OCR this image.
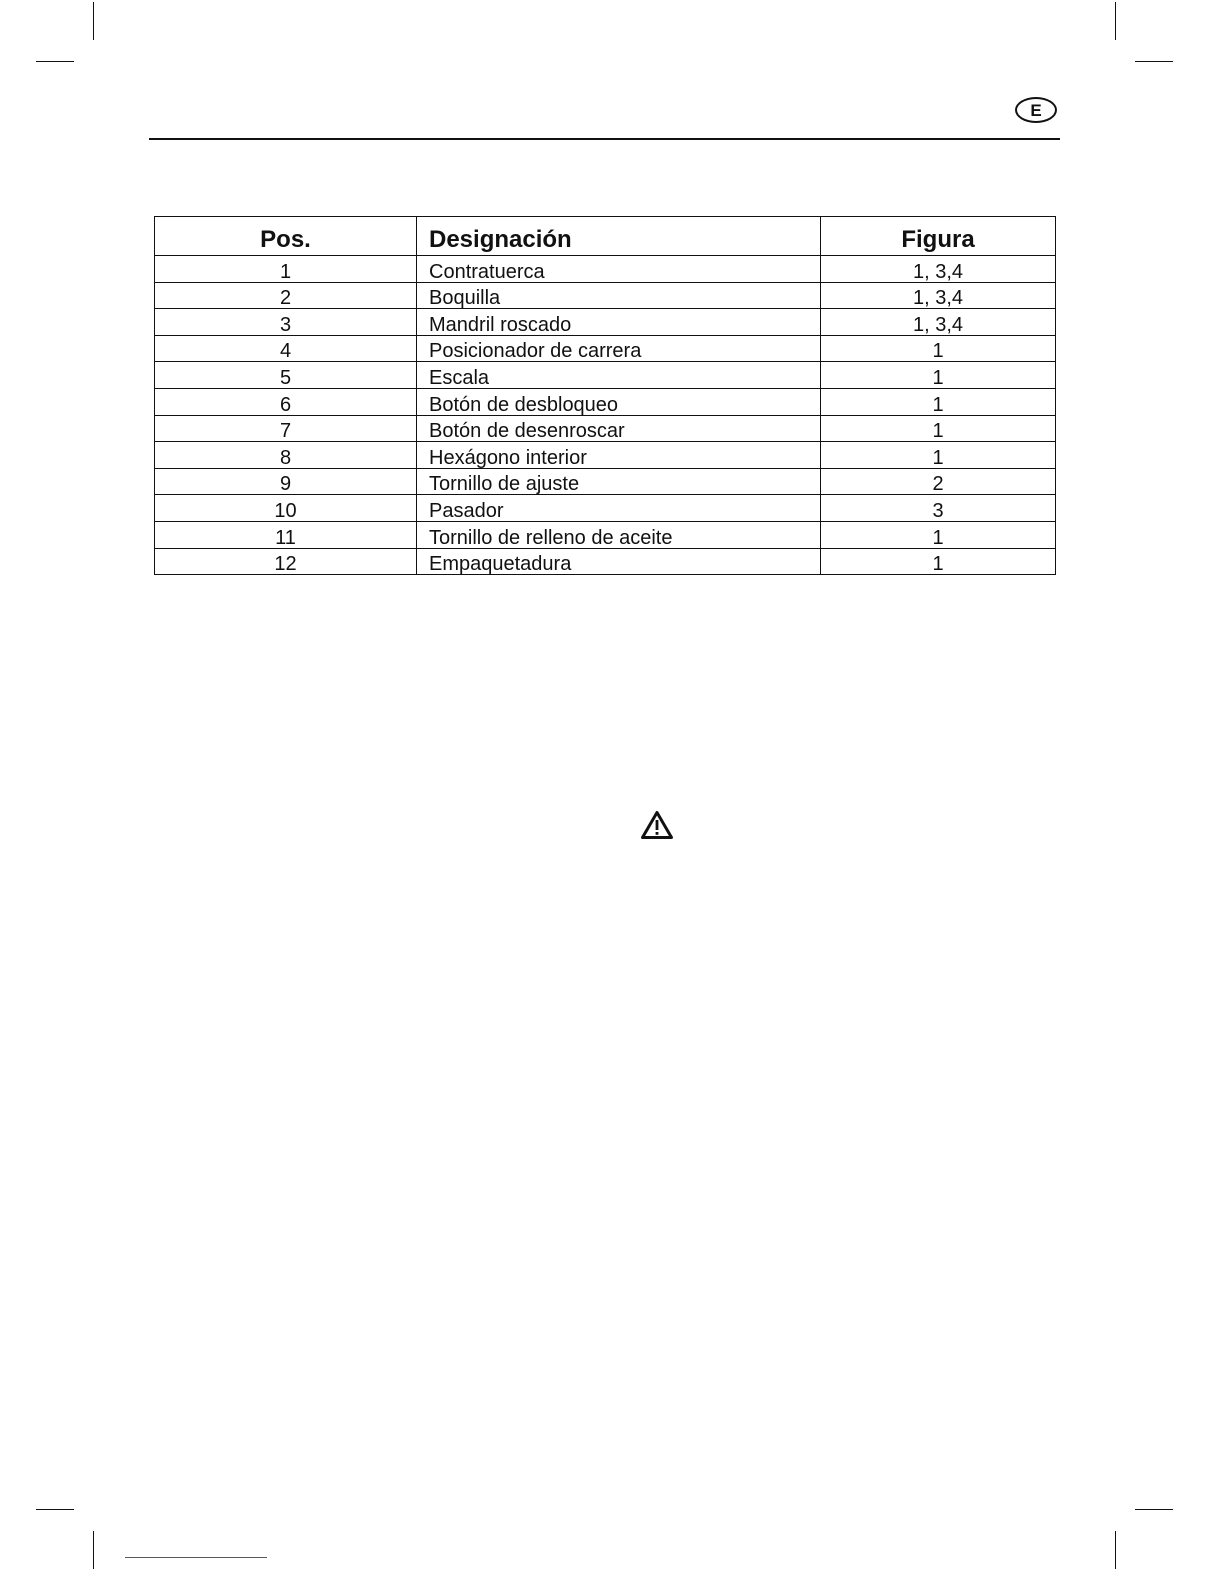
E
Pos.	Designación	Figura
1	Contratuerca	1, 3,4
2	Boquilla	1, 3,4
3	Mandril roscado	1, 3,4
4	Posicionador de carrera	1
5	Escala	1
6	Botón de desbloqueo	1
7	Botón de desenroscar	1
8	Hexágono interior	1
9	Tornillo de ajuste	2
10	Pasador	3
11	Tornillo de relleno de aceite	1
12	Empaquetadura	1
